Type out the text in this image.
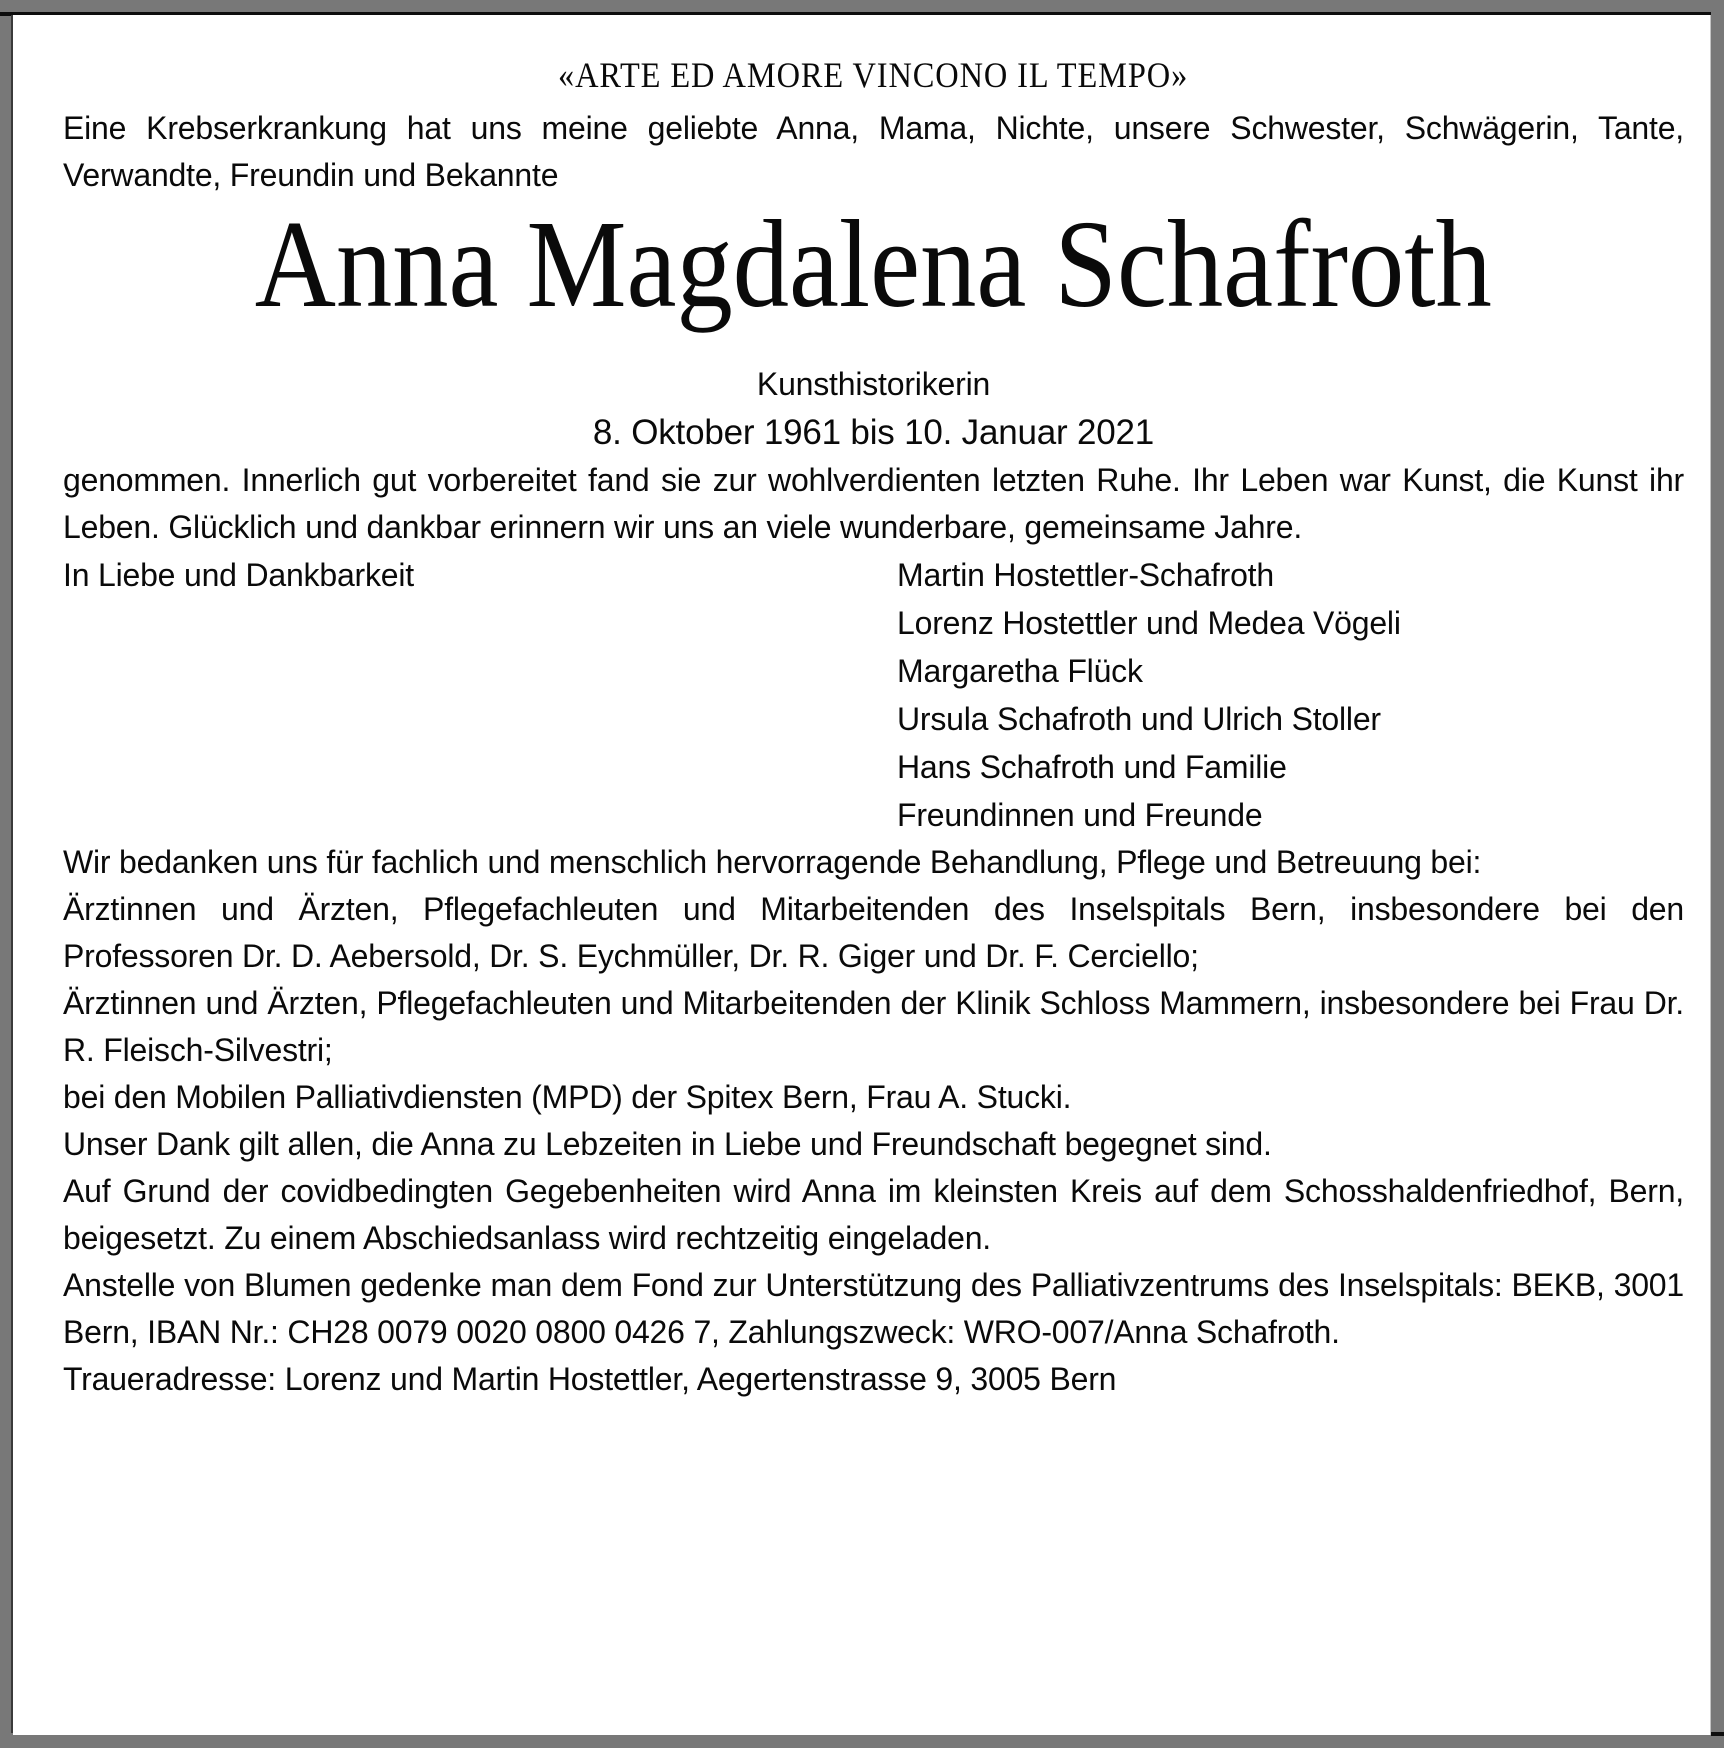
«ARTE ED AMORE VINCONO IL TEMPO»

Eine Krebserkrankung hat uns meine geliebte Anna, Mama, Nichte, unsere Schwester, Schwägerin, Tante, Verwandte, Freundin und Bekannte

Anna Magdalena Schafroth
Kunsthistorikerin
8. Oktober 1961 bis 10. Januar 2021

genommen. Innerlich gut vorbereitet fand sie zur wohlverdienten letzten Ruhe. Ihr Leben war Kunst, die Kunst ihr Leben. Glücklich und dankbar erinnern wir uns an viele wunderbare, gemeinsame Jahre.

In Liebe und Dankbarkeit	Martin Hostettler-Schafroth
Lorenz Hostettler und Medea Vögeli
Margaretha Flück
Ursula Schafroth und Ulrich Stoller
Hans Schafroth und Familie
Freundinnen und Freunde

Wir bedanken uns für fachlich und menschlich hervorragende Behandlung, Pflege und Betreuung bei:

Ärztinnen und Ärzten, Pflegefachleuten und Mitarbeitenden des Inselspitals Bern, insbesondere bei den Professoren Dr. D. Aebersold, Dr. S. Eychmüller, Dr. R. Giger und Dr. F. Cerciello;

Ärztinnen und Ärzten, Pflegefachleuten und Mitarbeitenden der Klinik Schloss Mammern, insbesondere bei Frau Dr. R. Fleisch-Silvestri;

bei den Mobilen Palliativdiensten (MPD) der Spitex Bern, Frau A. Stucki.

Unser Dank gilt allen, die Anna zu Lebzeiten in Liebe und Freundschaft begegnet sind.

Auf Grund der covidbedingten Gegebenheiten wird Anna im kleinsten Kreis auf dem Schosshaldenfriedhof, Bern, beigesetzt. Zu einem Abschiedsanlass wird rechtzeitig eingeladen.

Anstelle von Blumen gedenke man dem Fond zur Unterstützung des Palliativzentrums des Inselspitals: BEKB, 3001 Bern, IBAN Nr.: CH28 0079 0020 0800 0426 7, Zahlungszweck: WRO-007/Anna Schafroth.

Traueradresse: Lorenz und Martin Hostettler, Aegertenstrasse 9, 3005 Bern
